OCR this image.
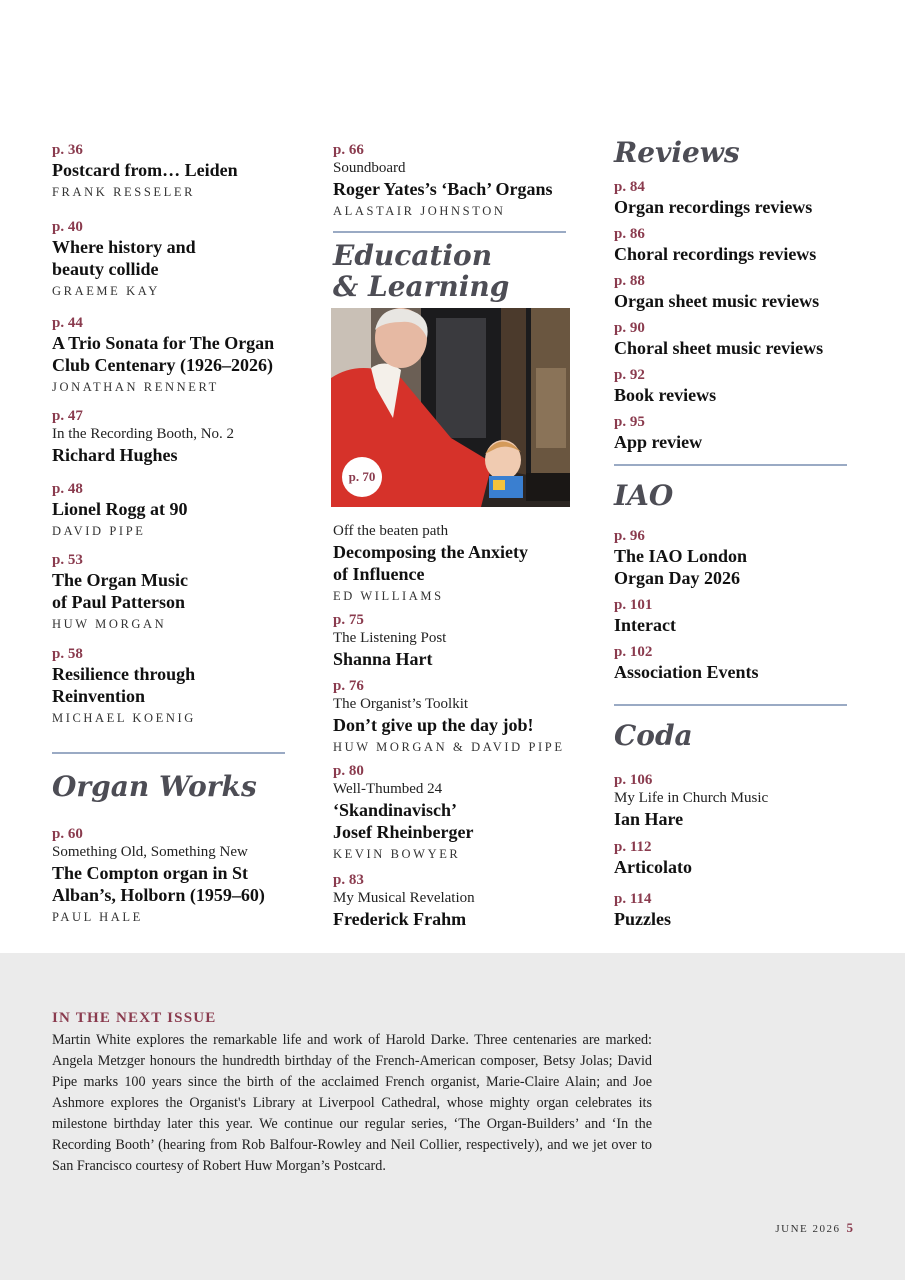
p. 36
Postcard from… Leiden
FRANK RESSELER
p. 40
Where history and
beauty collide
GRAEME KAY
p. 44
A Trio Sonata for The Organ
Club Centenary (1926–2026)
JONATHAN RENNERT
p. 47
In the Recording Booth, No. 2
Richard Hughes
p. 48
Lionel Rogg at 90
DAVID PIPE
p. 53
The Organ Music
of Paul Patterson
HUW MORGAN
p. 58
Resilience through
Reinvention
MICHAEL KOENIG
Organ Works
p. 60
Something Old, Something New
The Compton organ in St
Alban’s, Holborn (1959–60)
PAUL HALE
p. 66
Soundboard
Roger Yates’s ‘Bach’ Organs
ALASTAIR JOHNSTON
Education
& Learning
p. 70
Off the beaten path
Decomposing the Anxiety
of Influence
ED WILLIAMS
p. 75
The Listening Post
Shanna Hart
p. 76
The Organist’s Toolkit
Don’t give up the day job!
HUW MORGAN & DAVID PIPE
p. 80
Well-Thumbed 24
‘Skandinavisch’
Josef Rheinberger
KEVIN BOWYER
p. 83
My Musical Revelation
Frederick Frahm
Reviews
p. 84
Organ recordings reviews
p. 86
Choral recordings reviews
p. 88
Organ sheet music reviews
p. 90
Choral sheet music reviews
p. 92
Book reviews
p. 95
App review
IAO
p. 96
The IAO London
Organ Day 2026
p. 101
Interact
p. 102
Association Events
Coda
p. 106
My Life in Church Music
Ian Hare
p. 112
Articolato
p. 114
Puzzles
IN THE NEXT ISSUE
Martin White explores the remarkable life and work of Harold Darke. Three centenaries are marked: Angela Metzger honours the hundredth birthday of the French-American composer, Betsy Jolas; David Pipe marks 100 years since the birth of the acclaimed French organist, Marie-Claire Alain; and Joe Ashmore explores the Organist's Library at Liverpool Cathedral, whose mighty organ celebrates its milestone birthday later this year. We continue our regular series, ‘The Organ-Builders’ and ‘In the Recording Booth’ (hearing from Rob Balfour-Rowley and Neil Collier, respectively), and we jet over to San Francisco courtesy of Robert Huw Morgan’s Postcard.
JUNE 2026 5
